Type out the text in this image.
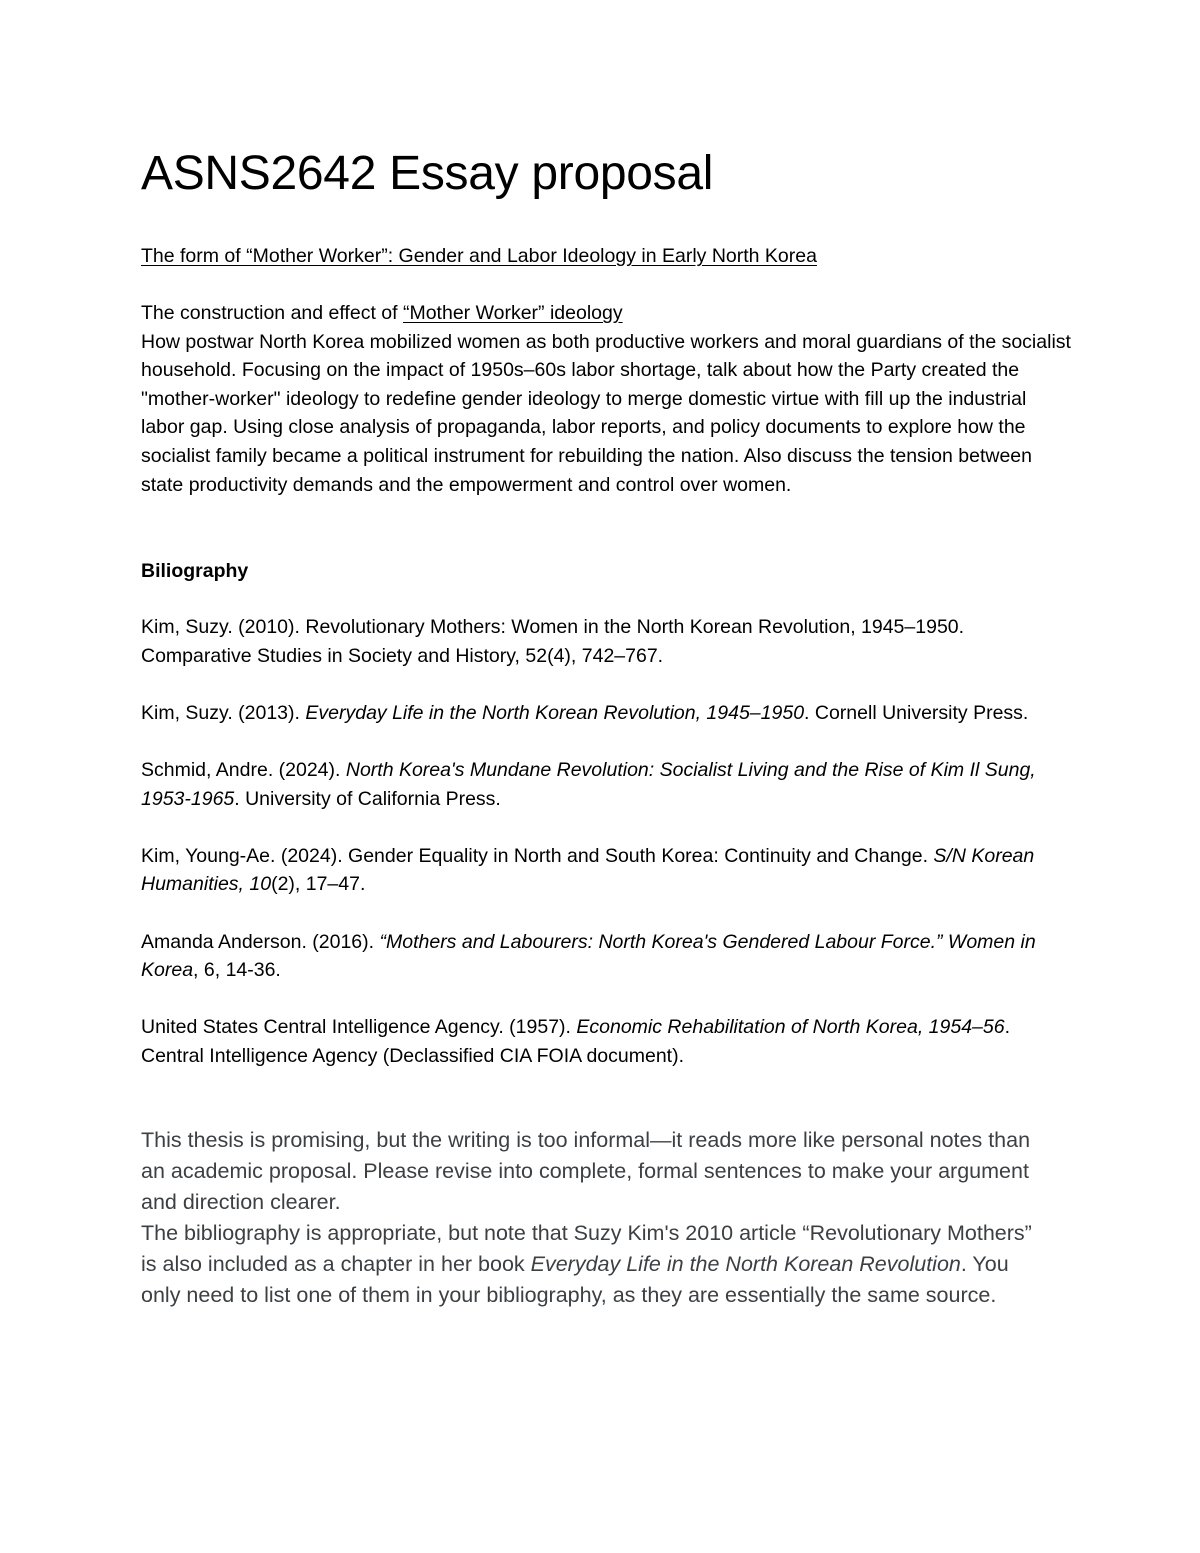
ASNS2642 Essay proposal

The form of “Mother Worker”: Gender and Labor Ideology in Early North Korea

The construction and effect of “Mother Worker” ideology

How postwar North Korea mobilized women as both productive workers and moral guardians of the socialist household. Focusing on the impact of 1950s–60s labor shortage, talk about how the Party created the "mother-worker" ideology to redefine gender ideology to merge domestic virtue with fill up the industrial labor gap. Using close analysis of propaganda, labor reports, and policy documents to explore how the socialist family became a political instrument for rebuilding the nation. Also discuss the tension between state productivity demands and the empowerment and control over women.

Biliography
Kim, Suzy. (2010). Revolutionary Mothers: Women in the North Korean Revolution, 1945–1950. Comparative Studies in Society and History, 52(4), 742–767.
Kim, Suzy. (2013). Everyday Life in the North Korean Revolution, 1945–1950. Cornell University Press.
Schmid, Andre. (2024). North Korea's Mundane Revolution: Socialist Living and the Rise of Kim Il Sung, 1953-1965. University of California Press.
Kim, Young-Ae. (2024). Gender Equality in North and South Korea: Continuity and Change. S/N Korean Humanities, 10(2), 17–47.
Amanda Anderson. (2016). “Mothers and Labourers: North Korea's Gendered Labour Force.” Women in Korea, 6, 14-36.
United States Central Intelligence Agency. (1957). Economic Rehabilitation of North Korea, 1954–56. Central Intelligence Agency (Declassified CIA FOIA document).

This thesis is promising, but the writing is too informal—it reads more like personal notes than an academic proposal. Please revise into complete, formal sentences to make your argument and direction clearer.

The bibliography is appropriate, but note that Suzy Kim's 2010 article “Revolutionary Mothers” is also included as a chapter in her book Everyday Life in the North Korean Revolution. You only need to list one of them in your bibliography, as they are essentially the same source.
